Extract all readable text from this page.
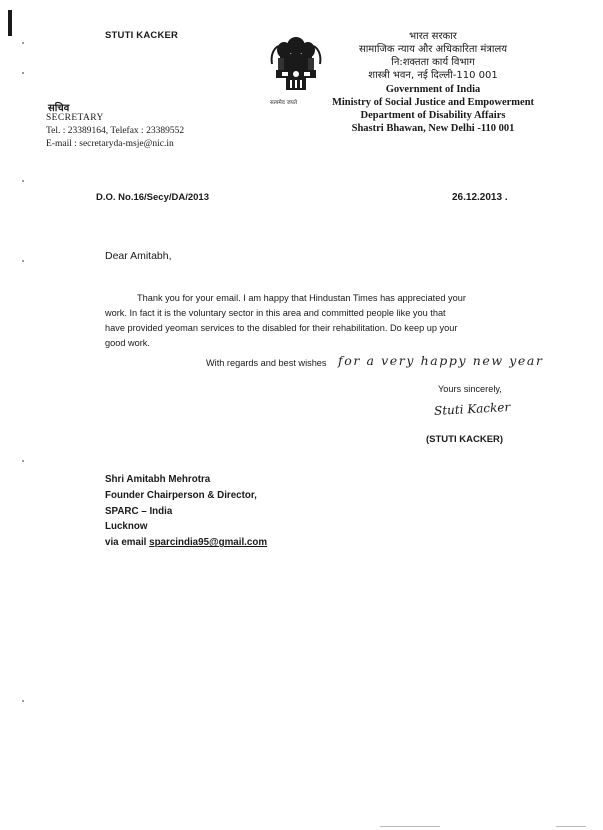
STUTI KACKER
सचिव
SECRETARY
Tel. : 23389164, Telefax : 23389552
E-mail : secretaryda-msje@nic.in
सत्यमेव जयते
भारत सरकार
सामाजिक न्याय और अधिकारिता मंत्रालय
नि:शक्तता कार्य विभाग
शास्त्री भवन, नई दिल्ली-110 001
Government of India
Ministry of Social Justice and Empowerment
Department of Disability Affairs
Shastri Bhawan, New Delhi -110 001
D.O. No.16/Secy/DA/2013	26.12.2013 .
Dear Amitabh,
Thank you for your email. I am happy that Hindustan Times has appreciated your
work. In fact it is the voluntary sector in this area and committed people like you that
have provided yeoman services to the disabled for their rehabilitation. Do keep up your
good work.
With regards and best wishes for a very happy new year
Yours sincerely,
Stuti Kacker
(STUTI KACKER)
Shri Amitabh Mehrotra
Founder Chairperson & Director,
SPARC – India
Lucknow
via email sparcindia95@gmail.com
